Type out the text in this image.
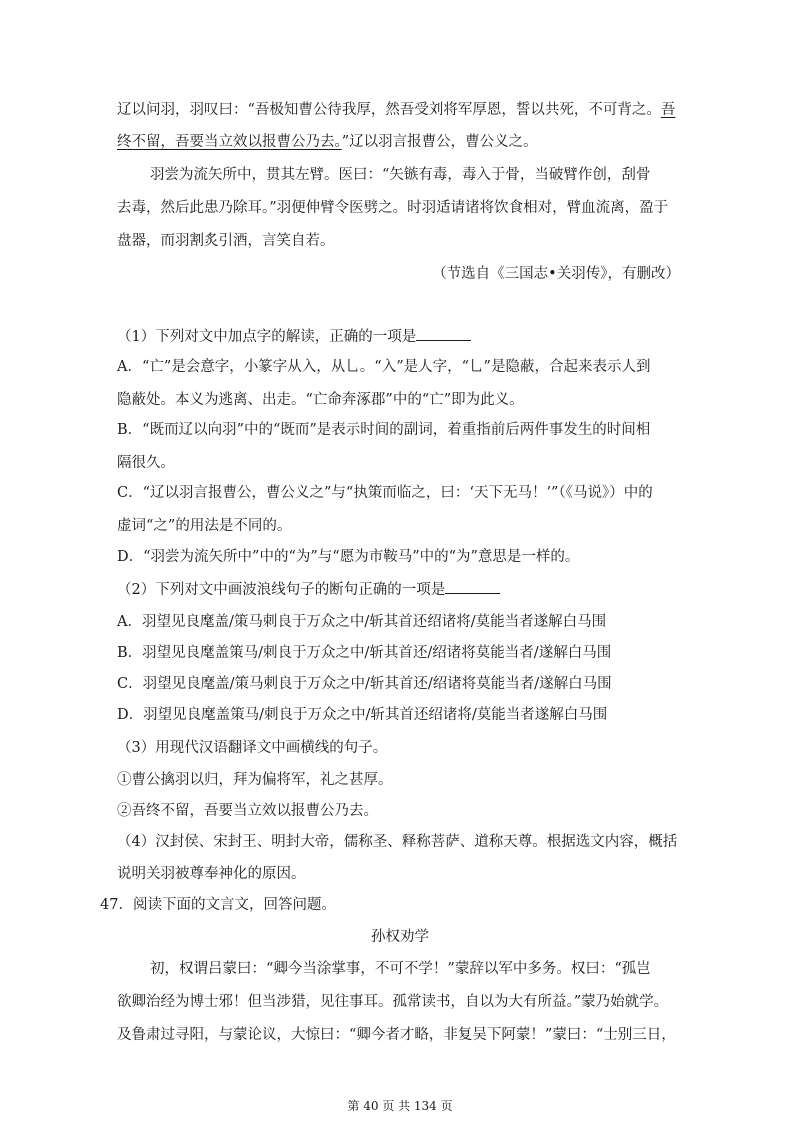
辽以问羽，羽叹曰：“吾极知曹公待我厚，然吾受刘将军厚恩，誓以共死，不可背之。吾
终不留，吾要当立效以报曹公乃去。”辽以羽言报曹公，曹公义之。
羽尝为流矢所中，贯其左臂。医曰：“矢镞有毒，毒入于骨，当破臂作创，刮骨
去毒，然后此患乃除耳。”羽便伸臂令医劈之。时羽适请诸将饮食相对，臂血流离，盈于
盘器，而羽割炙引酒，言笑自若。
（节选自《三国志•关羽传》，有删改）
（1）下列对文中加点字的解读，正确的一项是
A．“亡”是会意字，小篆字从入，从乚。“入”是人字，“乚”是隐蔽，合起来表示人到
隐蔽处。本义为逃离、出走。“亡命奔涿郡”中的“亡”即为此义。
B．“既而辽以向羽”中的“既而”是表示时间的副词，着重指前后两件事发生的时间相
隔很久。
C．“辽以羽言报曹公，曹公义之”与“执策而临之，曰：‘天下无马！’”（《马说》）中的
虚词“之”的用法是不同的。
D．“羽尝为流矢所中”中的“为”与“愿为市鞍马”中的“为”意思是一样的。
（2）下列对文中画波浪线句子的断句正确的一项是
A．羽望见良麾盖/策马刺良于万众之中/斩其首还绍诸将/莫能当者遂解白马围
B．羽望见良麾盖策马/刺良于万众之中/斩其首还/绍诸将莫能当者/遂解白马围
C．羽望见良麾盖/策马刺良于万众之中/斩其首还/绍诸将莫能当者/遂解白马围
D．羽望见良麾盖策马/刺良于万众之中/斩其首还绍诸将/莫能当者遂解白马围
（3）用现代汉语翻译文中画横线的句子。
①曹公擒羽以归，拜为偏将军，礼之甚厚。
②吾终不留，吾要当立效以报曹公乃去。
（4）汉封侯、宋封王、明封大帝，儒称圣、释称菩萨、道称天尊。根据选文内容，概括
说明关羽被尊奉神化的原因。
47．阅读下面的文言文，回答问题。
孙权劝学
初，权谓吕蒙曰：“卿今当涂掌事，不可不学！”蒙辞以军中多务。权曰：“孤岂
欲卿治经为博士邪！但当涉猎，见往事耳。孤常读书，自以为大有所益。”蒙乃始就学。
及鲁肃过寻阳，与蒙论议，大惊曰：“卿今者才略，非复吴下阿蒙！”蒙曰：“士别三日，
第 40 页 共 134 页
